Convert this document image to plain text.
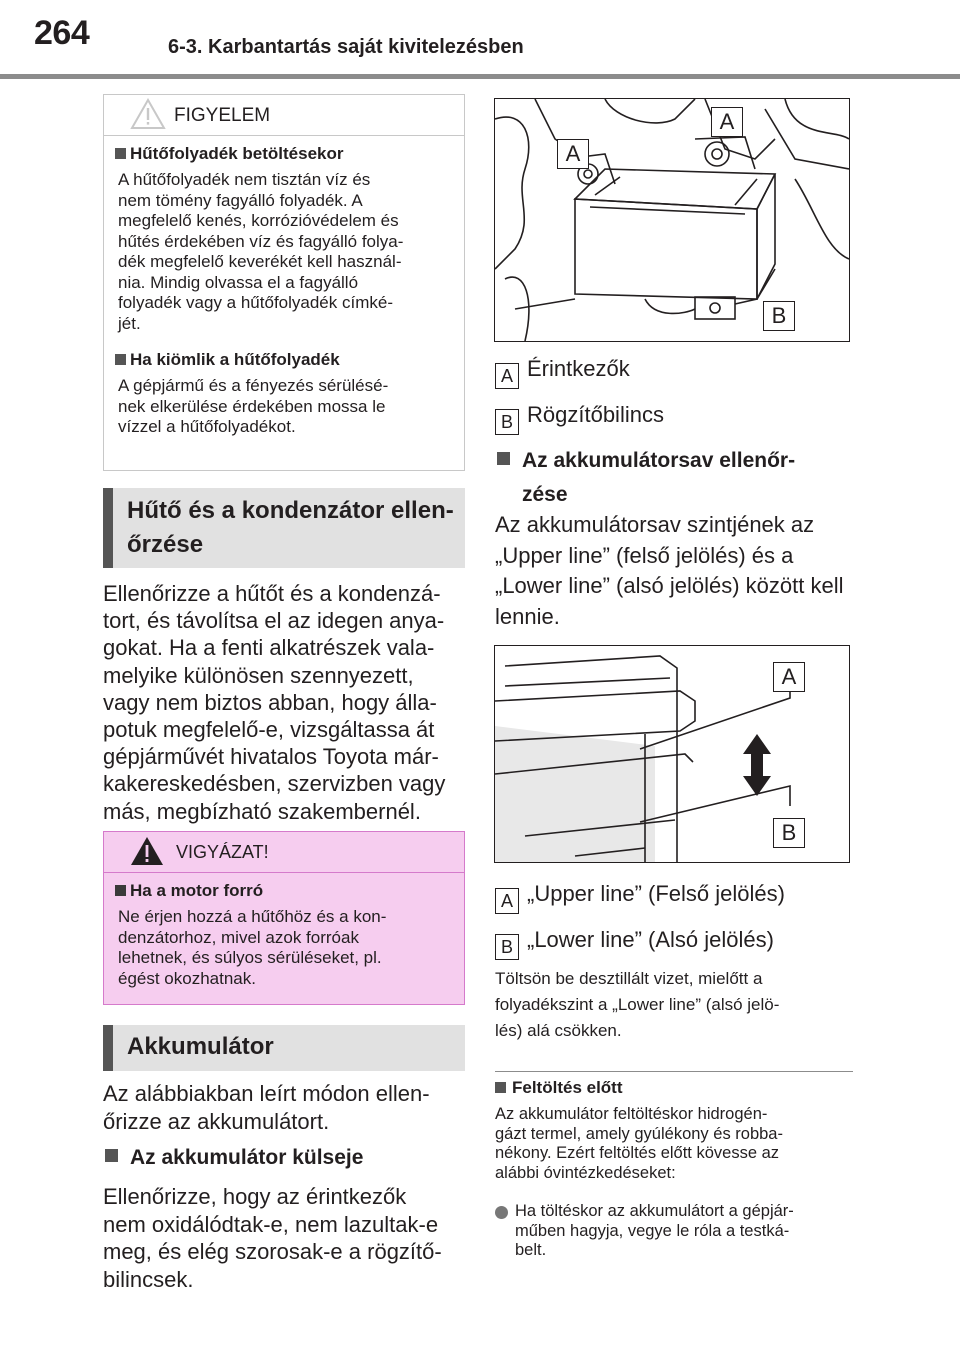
264	6-3. Karbantartás saját kivitelezésben
FIGYELEM

Hűtőfolyadék betöltésekor

A hűtőfolyadék nem tisztán víz és
nem tömény fagyálló folyadék. A
megfelelő kenés, korrózióvédelem és
hűtés érdekében víz és fagyálló folya-
dék megfelelő keverékét kell használ-
nia. Mindig olvassa el a fagyálló
folyadék vagy a hűtőfolyadék címké-
jét.

Ha kiömlik a hűtőfolyadék

A gépjármű és a fényezés sérülésé-
nek elkerülése érdekében mossa le
vízzel a hűtőfolyadékot.

Hűtő és a kondenzátor ellen-
őrzése
Ellenőrizze a hűtőt és a kondenzá-
tort, és távolítsa el az idegen anya-
gokat. Ha a fenti alkatrészek vala-
melyike különösen szennyezett,
vagy nem biztos abban, hogy álla-
potuk megfelelő-e, vizsgáltassa át
gépjárművét hivatalos Toyota már-
kakereskedésben, szervizben vagy
más, megbízható szakembernél.
VIGYÁZAT!

Ha a motor forró

Ne érjen hozzá a hűtőhöz és a kon-
denzátorhoz, mivel azok forróak
lehetnek, és súlyos sérüléseket, pl.
égést okozhatnak.

Akkumulátor
Az alábbiakban leírt módon ellen-
őrizze az akkumulátort.
Az akkumulátor külseje
Ellenőrizze, hogy az érintkezők
nem oxidálódtak-e, nem lazultak-e
meg, és elég szorosak-e a rögzítő-
bilincsek.
A
A
B
A Érintkezők
B Rögzítőbilincs
Az akkumulátorsav ellenőr-
zése
Az akkumulátorsav szintjének az
„Upper line” (felső jelölés) és a
„Lower line” (alsó jelölés) között kell
lennie.
A
B
A „Upper line” (Felső jelölés)
B „Lower line” (Alsó jelölés)
Töltsön be desztillált vizet, mielőtt a
folyadékszint a „Lower line” (alsó jelö-
lés) alá csökken.
Feltöltés előtt
Az akkumulátor feltöltéskor hidrogén-
gázt termel, amely gyúlékony és robba-
nékony. Ezért feltöltés előtt kövesse az
alábbi óvintézkedéseket:
Ha töltéskor az akkumulátort a gépjár-
műben hagyja, vegye le róla a testká-
belt.
